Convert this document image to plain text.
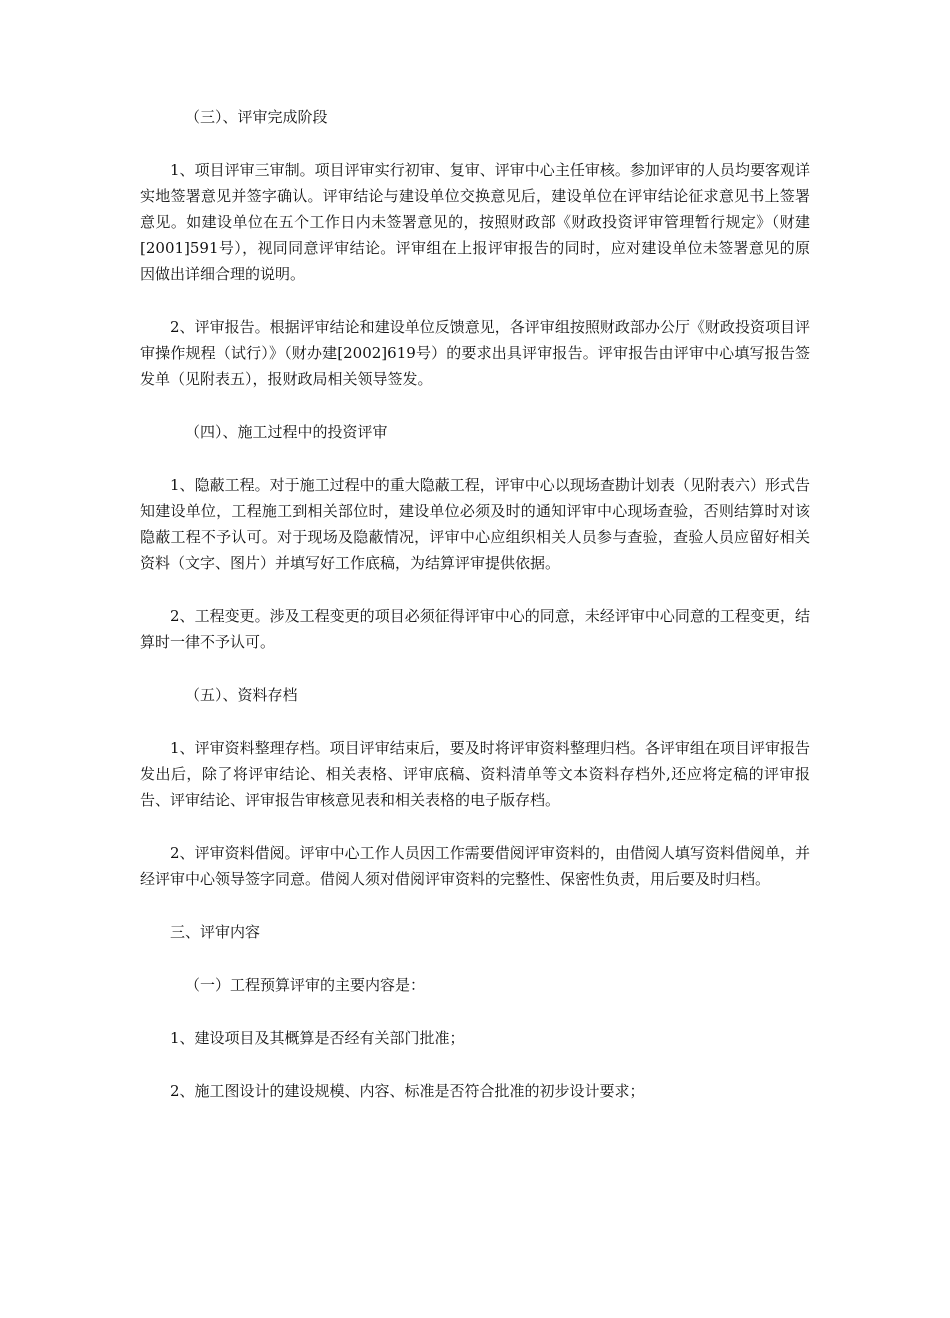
（三）、评审完成阶段

1、项目评审三审制。项目评审实行初审、复审、评审中心主任审核。参加评审的人员均要客观详实地签署意见并签字确认。评审结论与建设单位交换意见后，建设单位在评审结论征求意见书上签署意见。如建设单位在五个工作日内未签署意见的，按照财政部《财政投资评审管理暂行规定》（财建[2001]591号），视同同意评审结论。评审组在上报评审报告的同时，应对建设单位未签署意见的原因做出详细合理的说明。

2、评审报告。根据评审结论和建设单位反馈意见，各评审组按照财政部办公厅《财政投资项目评审操作规程（试行）》（财办建[2002]619号）的要求出具评审报告。评审报告由评审中心填写报告签发单（见附表五），报财政局相关领导签发。

（四）、施工过程中的投资评审

1、隐蔽工程。对于施工过程中的重大隐蔽工程，评审中心以现场查勘计划表（见附表六）形式告知建设单位，工程施工到相关部位时，建设单位必须及时的通知评审中心现场查验，否则结算时对该隐蔽工程不予认可。对于现场及隐蔽情况，评审中心应组织相关人员参与查验，查验人员应留好相关资料（文字、图片）并填写好工作底稿，为结算评审提供依据。

2、工程变更。涉及工程变更的项目必须征得评审中心的同意，未经评审中心同意的工程变更，结算时一律不予认可。

（五）、资料存档

1、评审资料整理存档。项目评审结束后，要及时将评审资料整理归档。各评审组在项目评审报告发出后，除了将评审结论、相关表格、评审底稿、资料清单等文本资料存档外,还应将定稿的评审报告、评审结论、评审报告审核意见表和相关表格的电子版存档。

2、评审资料借阅。评审中心工作人员因工作需要借阅评审资料的，由借阅人填写资料借阅单，并经评审中心领导签字同意。借阅人须对借阅评审资料的完整性、保密性负责，用后要及时归档。

三、评审内容

（一）工程预算评审的主要内容是：

1、建设项目及其概算是否经有关部门批准；

2、施工图设计的建设规模、内容、标准是否符合批准的初步设计要求；
